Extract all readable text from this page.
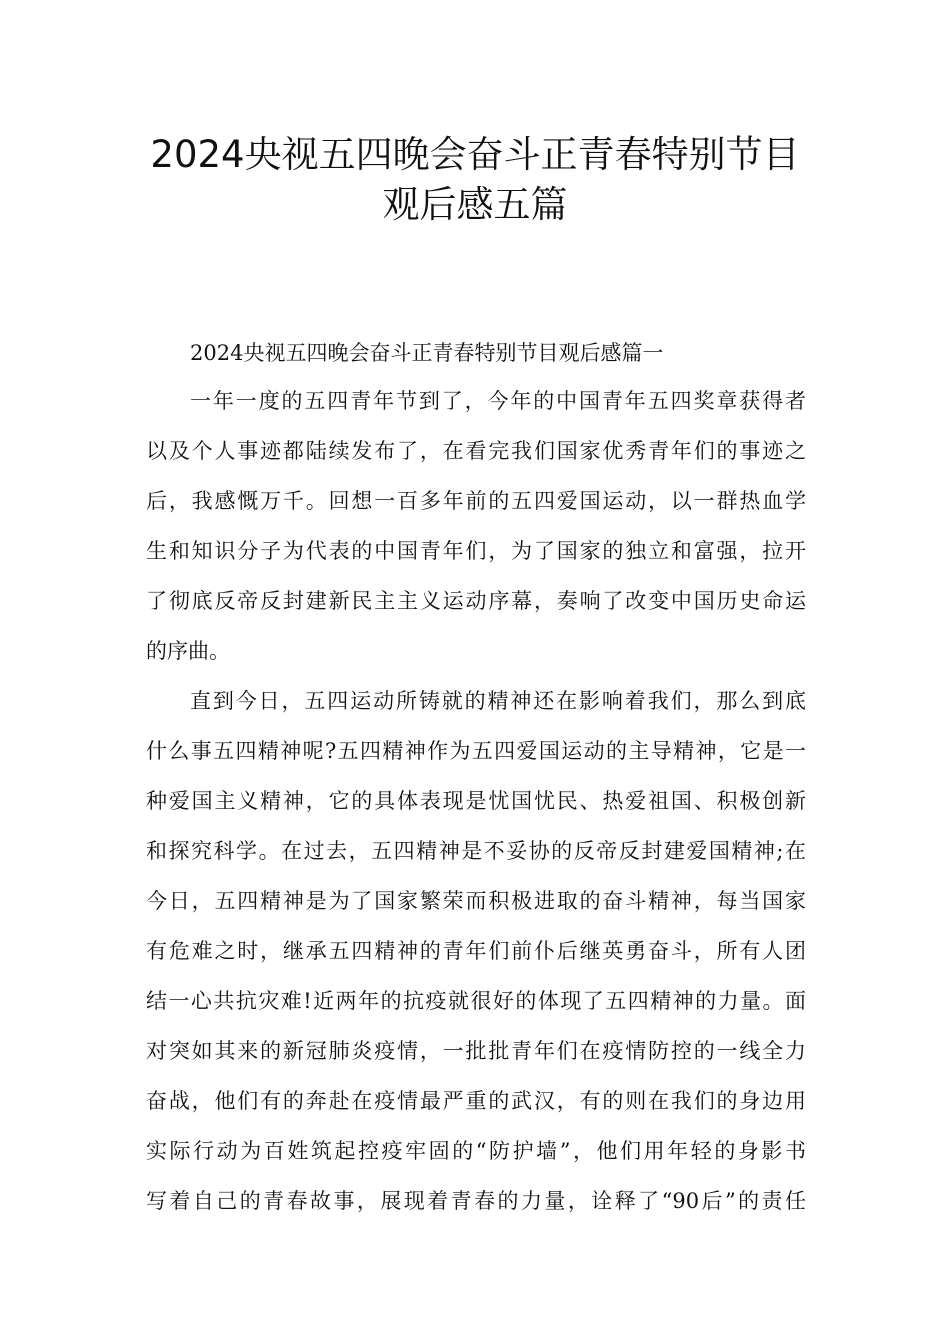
2024央视五四晚会奋斗正青春特别节目
观后感五篇
2024央视五四晚会奋斗正青春特别节目观后感篇一
一年一度的五四青年节到了，今年的中国青年五四奖章获得者
以及个人事迹都陆续发布了，在看完我们国家优秀青年们的事迹之
后，我感慨万千。回想一百多年前的五四爱国运动，以一群热血学
生和知识分子为代表的中国青年们，为了国家的独立和富强，拉开
了彻底反帝反封建新民主主义运动序幕，奏响了改变中国历史命运
的序曲。
直到今日，五四运动所铸就的精神还在影响着我们，那么到底
什么事五四精神呢?五四精神作为五四爱国运动的主导精神，它是一
种爱国主义精神，它的具体表现是忧国忧民、热爱祖国、积极创新
和探究科学。在过去，五四精神是不妥协的反帝反封建爱国精神;在
今日，五四精神是为了国家繁荣而积极进取的奋斗精神，每当国家
有危难之时，继承五四精神的青年们前仆后继英勇奋斗，所有人团
结一心共抗灾难!近两年的抗疫就很好的体现了五四精神的力量。面
对突如其来的新冠肺炎疫情，一批批青年们在疫情防控的一线全力
奋战，他们有的奔赴在疫情最严重的武汉，有的则在我们的身边用
实际行动为百姓筑起控疫牢固的“防护墙”，他们用年轻的身影书
写着自己的青春故事，展现着青春的力量，诠释了“90后”的责任
